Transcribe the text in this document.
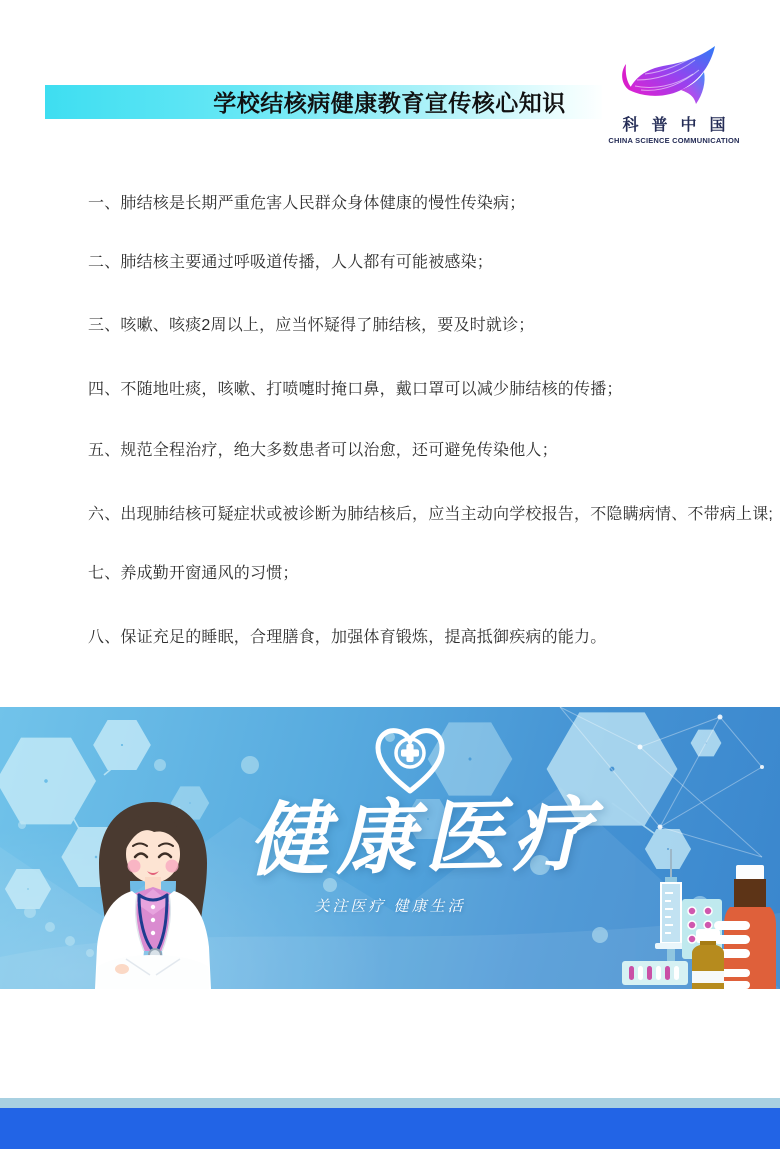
学校结核病健康教育宣传核心知识
科普中国
CHINA SCIENCE COMMUNICATION
一、肺结核是长期严重危害人民群众身体健康的慢性传染病；
二、肺结核主要通过呼吸道传播，人人都有可能被感染；
三、咳嗽、咳痰2周以上，应当怀疑得了肺结核，要及时就诊；
四、不随地吐痰，咳嗽、打喷嚏时掩口鼻，戴口罩可以减少肺结核的传播；
五、规范全程治疗，绝大多数患者可以治愈，还可避免传染他人；
六、出现肺结核可疑症状或被诊断为肺结核后，应当主动向学校报告，不隐瞒病情、不带病上课;
七、养成勤开窗通风的习惯；
八、保证充足的睡眠，合理膳食，加强体育锻炼，提高抵御疾病的能力。
健康医疗
关注医疗 健康生活
